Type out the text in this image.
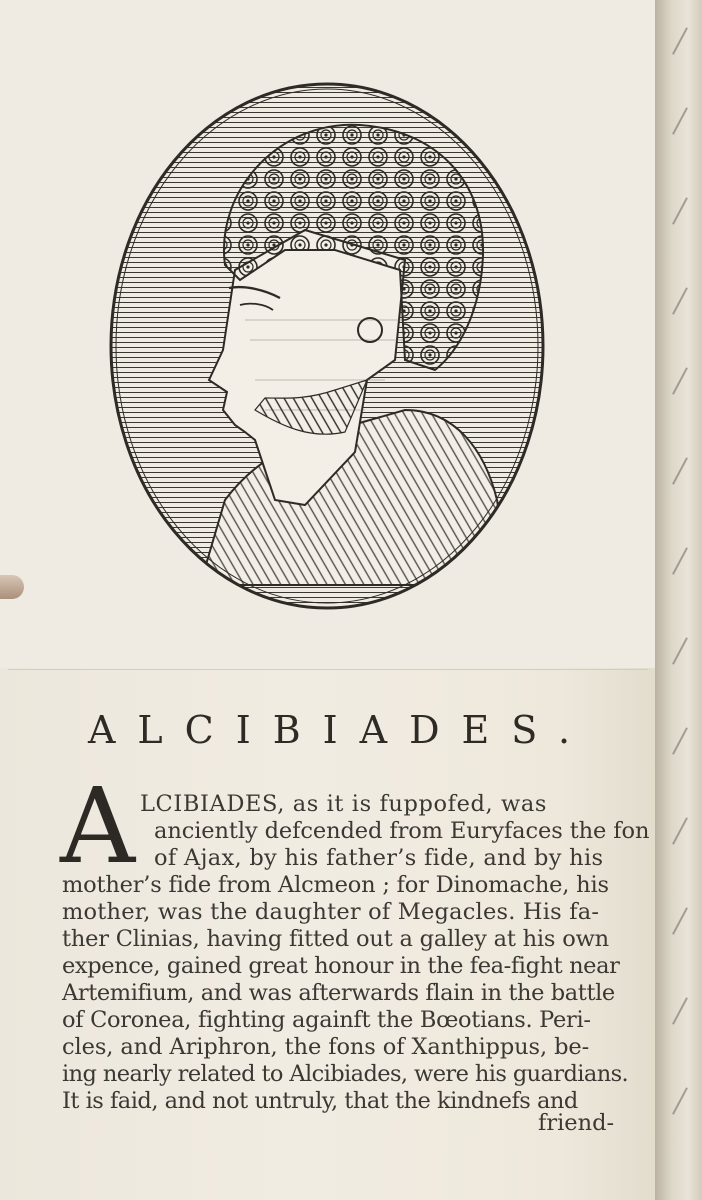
ALCIBIADES.
A LCIBIADES, as it is fuppofed, was
anciently defcended from Euryfaces the fon
of Ajax, by his father’s fide, and by his
mother’s fide from Alcmeon ; for Dinomache, his
mother, was the daughter of Megacles. His fa-
ther Clinias, having fitted out a galley at his own
expence, gained great honour in the fea-fight near
Artemifium, and was afterwards flain in the battle
of Coronea, fighting againft the Bœotians. Peri-
cles, and Ariphron, the fons of Xanthippus, be-
ing nearly related to Alcibiades, were his guardians.
It is faid, and not untruly, that the kindnefs and
friend-
